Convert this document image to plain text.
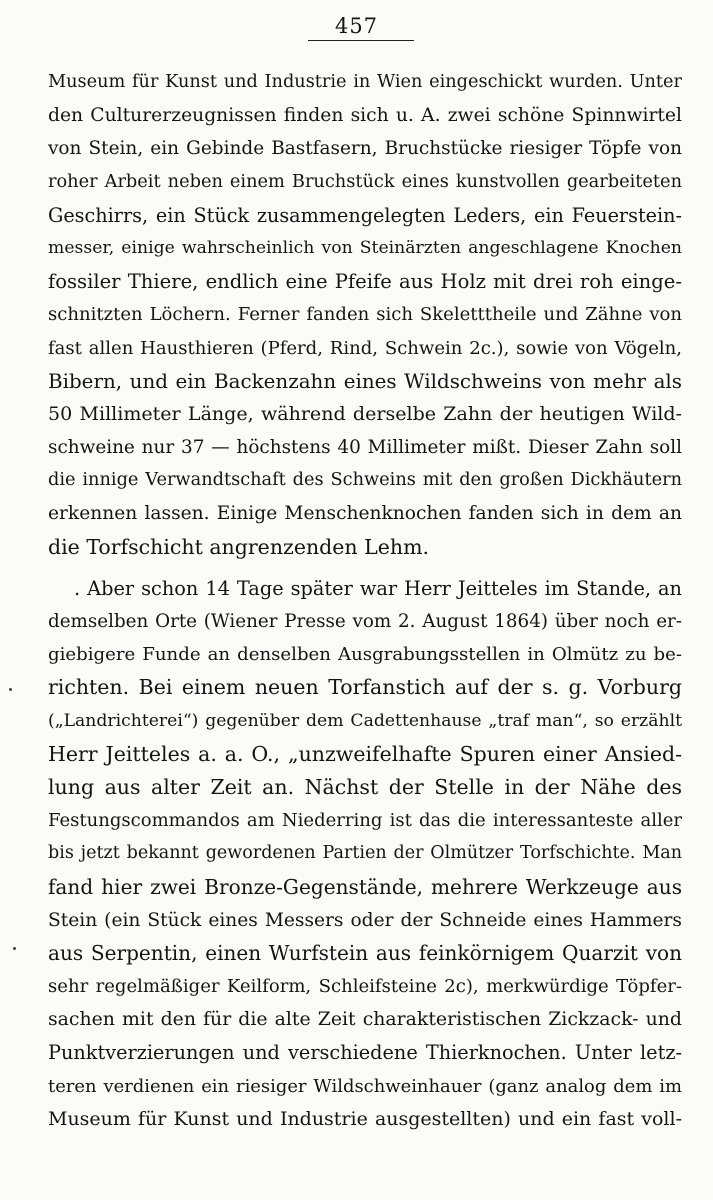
457
Museum für Kunst und Industrie in Wien eingeschickt wurden. Unter
den Culturerzeugnissen finden sich u. A. zwei schöne Spinnwirtel
von Stein, ein Gebinde Bastfasern, Bruchstücke riesiger Töpfe von
roher Arbeit neben einem Bruchstück eines kunstvollen gearbeiteten
Geschirrs, ein Stück zusammengelegten Leders, ein Feuerstein-
messer, einige wahrscheinlich von Steinärzten angeschlagene Knochen
fossiler Thiere, endlich eine Pfeife aus Holz mit drei roh einge-
schnitzten Löchern. Ferner fanden sich Skeletttheile und Zähne von
fast allen Hausthieren (Pferd, Rind, Schwein 2c.), sowie von Vögeln,
Bibern, und ein Backenzahn eines Wildschweins von mehr als
50 Millimeter Länge, während derselbe Zahn der heutigen Wild-
schweine nur 37 — höchstens 40 Millimeter mißt. Dieser Zahn soll
die innige Verwandtschaft des Schweins mit den großen Dickhäutern
erkennen lassen. Einige Menschenknochen fanden sich in dem an
die Torfschicht angrenzenden Lehm.
. Aber schon 14 Tage später war Herr Jeitteles im Stande, an
demselben Orte (Wiener Presse vom 2. August 1864) über noch er-
giebigere Funde an denselben Ausgrabungsstellen in Olmütz zu be-
richten. Bei einem neuen Torfanstich auf der s. g. Vorburg
(„Landrichterei“) gegenüber dem Cadettenhause „traf man“, so erzählt
Herr Jeitteles a. a. O., „unzweifelhafte Spuren einer Ansied-
lung aus alter Zeit an. Nächst der Stelle in der Nähe des
Festungscommandos am Niederring ist das die interessanteste aller
bis jetzt bekannt gewordenen Partien der Olmützer Torfschichte. Man
fand hier zwei Bronze-Gegenstände, mehrere Werkzeuge aus
Stein (ein Stück eines Messers oder der Schneide eines Hammers
aus Serpentin, einen Wurfstein aus feinkörnigem Quarzit von
sehr regelmäßiger Keilform, Schleifsteine 2c), merkwürdige Töpfer-
sachen mit den für die alte Zeit charakteristischen Zickzack- und
Punktverzierungen und verschiedene Thierknochen. Unter letz-
teren verdienen ein riesiger Wildschweinhauer (ganz analog dem im
Museum für Kunst und Industrie ausgestellten) und ein fast voll-
